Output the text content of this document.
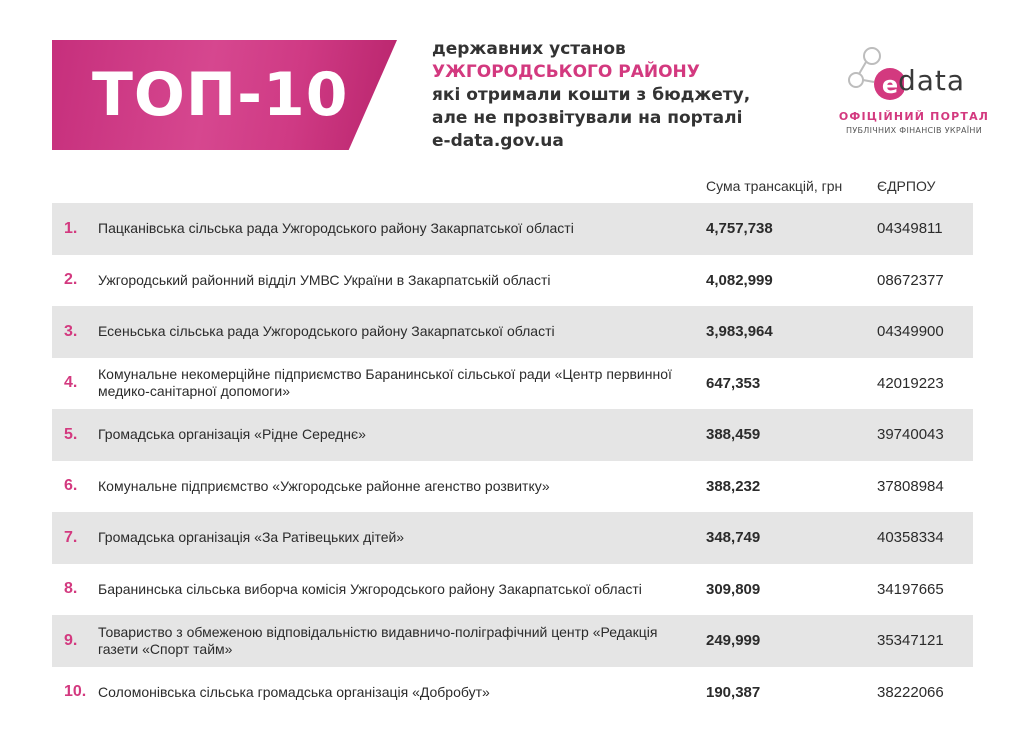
ТОП-10
державних установ
УЖГОРОДСЬКОГО РАЙОНУ
які отримали кошти з бюджету,
але не прозвітували на порталі
e-data.gov.ua
e data
ОФІЦІЙНИЙ ПОРТАЛ
ПУБЛІЧНИХ ФІНАНСІВ УКРАЇНИ
Сума трансакцій, грн ЄДРПОУ
1. Пацканівська сільська рада Ужгородського району Закарпатської області	4,757,738	04349811
2. Ужгородський районний відділ УМВС України в Закарпатській області	4,082,999	08672377
3. Есеньська сільська рада Ужгородського району Закарпатської області	3,983,964	04349900
4. Комунальне некомерційне підприємство Баранинської сільської ради «Центр первинної медико-санітарної допомоги»	647,353	42019223
5. Громадська організація «Рідне Середнє»	388,459	39740043
6. Комунальне підприємство «Ужгородське районне агенство розвитку»	388,232	37808984
7. Громадська організація «За Ратівецьких дітей»	348,749	40358334
8. Баранинська сільська виборча комісія Ужгородського району Закарпатської області	309,809	34197665
9. Товариство з обмеженою відповідальністю видавничо-поліграфічний центр «Редакція газети «Спорт тайм»	249,999	35347121
10. Соломонівська сільська громадська організація «Добробут»	190,387	38222066
